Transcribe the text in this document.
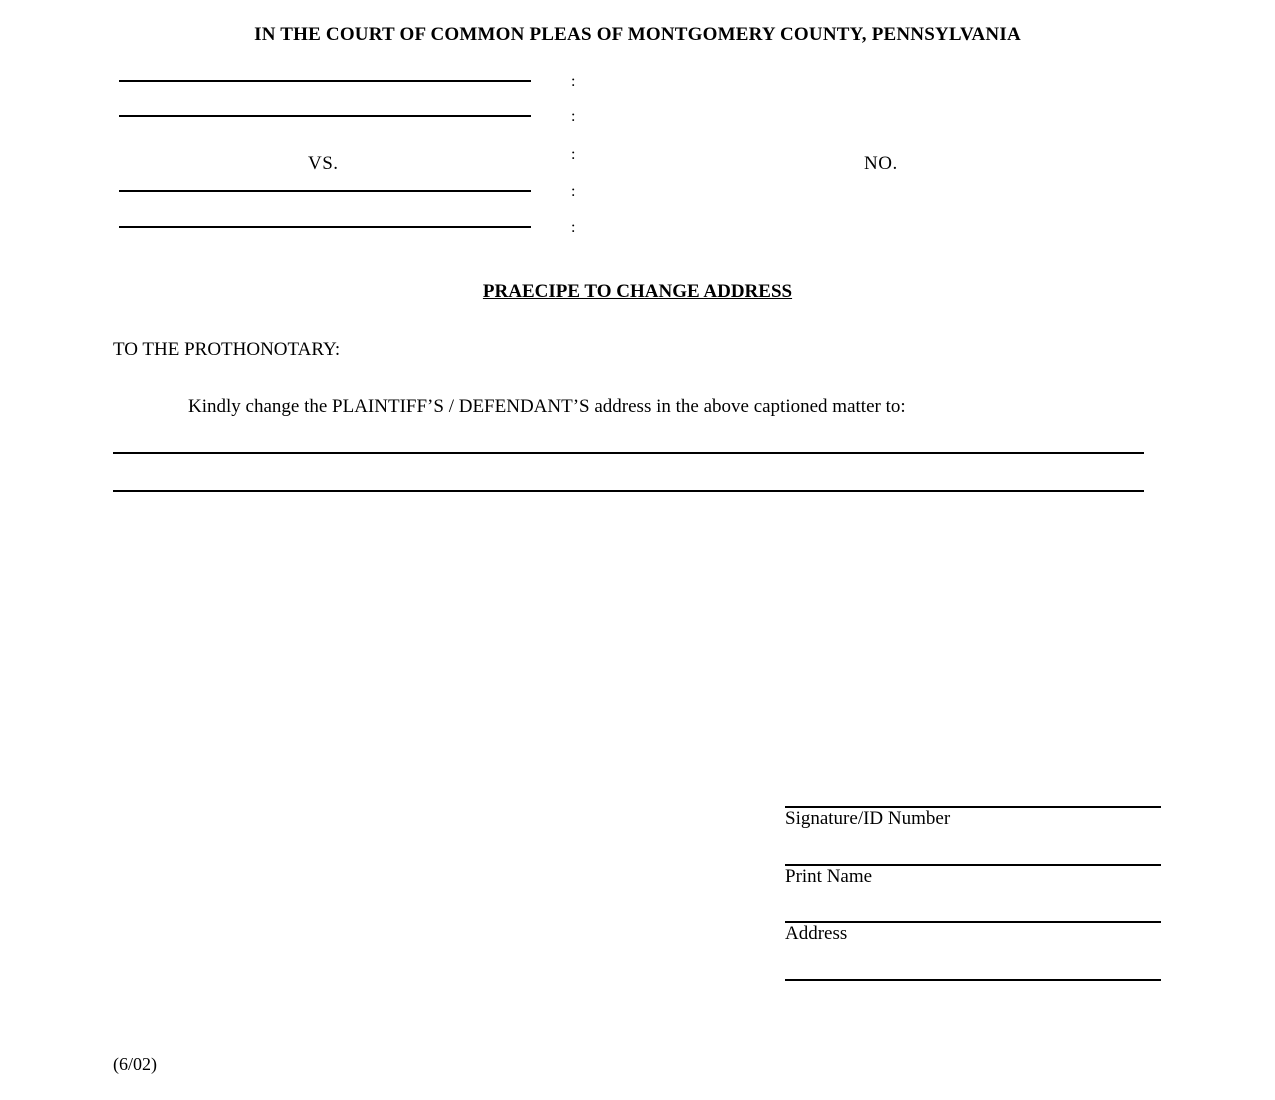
IN THE COURT OF COMMON PLEAS OF MONTGOMERY COUNTY, PENNSYLVANIA
:
:
:
:
:
VS.	NO.
PRAECIPE TO CHANGE ADDRESS
TO THE PROTHONOTARY:
Kindly change the PLAINTIFF’S / DEFENDANT’S address in the above captioned matter to:
Signature/ID Number
Print Name
Address
(6/02)
